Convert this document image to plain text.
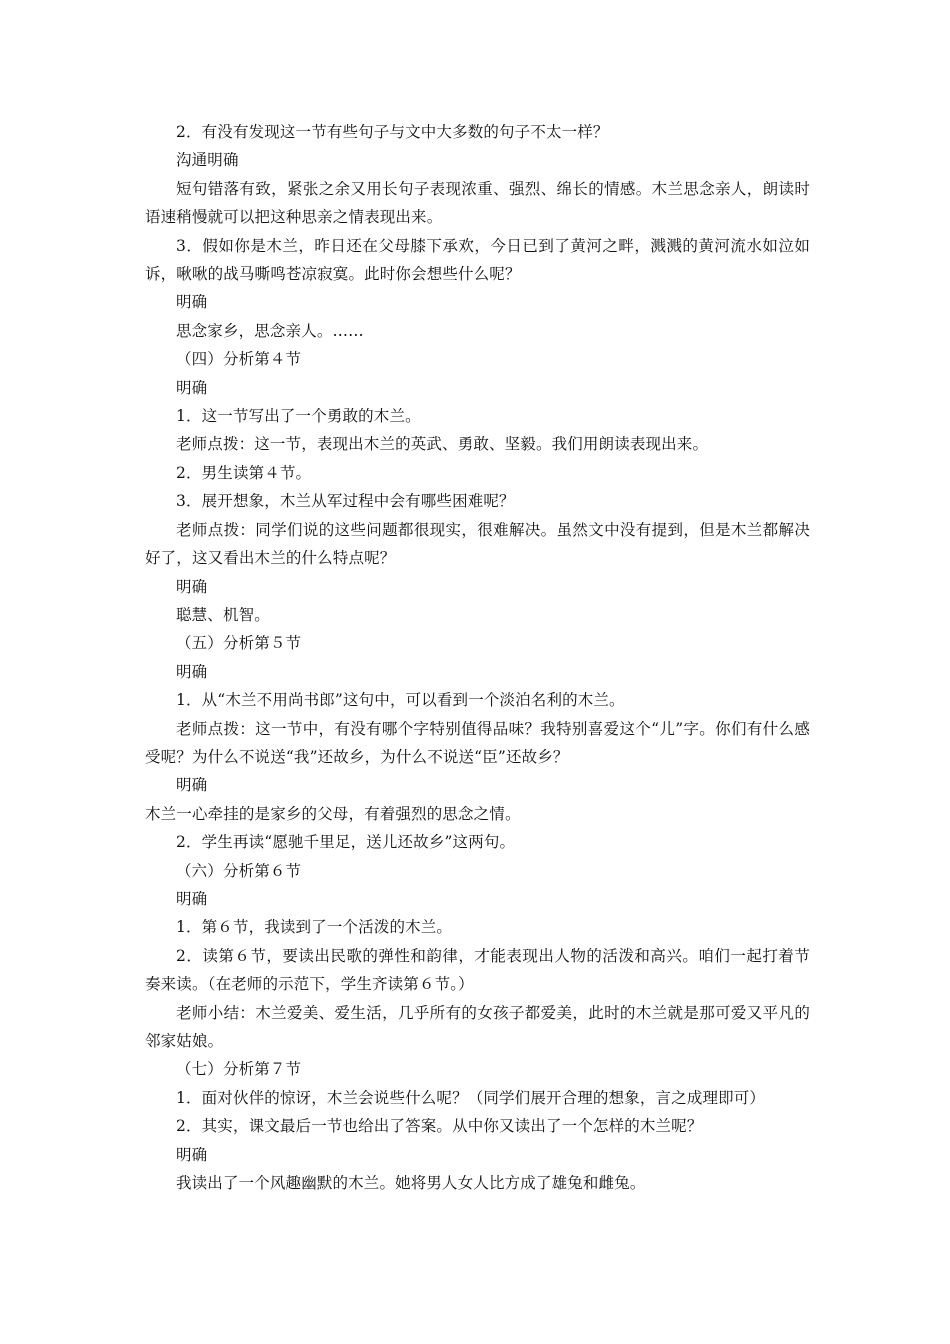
2．有没有发现这一节有些句子与文中大多数的句子不太一样？

沟通明确

短句错落有致，紧张之余又用长句子表现浓重、强烈、绵长的情感。木兰思念亲人，朗读时语速稍慢就可以把这种思亲之情表现出来。

3．假如你是木兰，昨日还在父母膝下承欢，今日已到了黄河之畔，溅溅的黄河流水如泣如诉，啾啾的战马嘶鸣苍凉寂寞。此时你会想些什么呢？

明确

思念家乡，思念亲人。……

（四）分析第４节

明确

1．这一节写出了一个勇敢的木兰。

老师点拨：这一节，表现出木兰的英武、勇敢、坚毅。我们用朗读表现出来。

2．男生读第４节。

3．展开想象，木兰从军过程中会有哪些困难呢？

老师点拨：同学们说的这些问题都很现实，很难解决。虽然文中没有提到，但是木兰都解决好了，这又看出木兰的什么特点呢？

明确

聪慧、机智。

（五）分析第５节

明确

1．从“木兰不用尚书郎”这句中，可以看到一个淡泊名利的木兰。

老师点拨：这一节中，有没有哪个字特别值得品味？我特别喜爱这个“儿”字。你们有什么感受呢？为什么不说送“我”还故乡，为什么不说送“臣”还故乡？

明确

木兰一心牵挂的是家乡的父母，有着强烈的思念之情。

2．学生再读“愿驰千里足，送儿还故乡”这两句。

（六）分析第６节

明确

1．第６节，我读到了一个活泼的木兰。

2．读第６节，要读出民歌的弹性和韵律，才能表现出人物的活泼和高兴。咱们一起打着节奏来读。（在老师的示范下，学生齐读第６节。）

老师小结：木兰爱美、爱生活，几乎所有的女孩子都爱美，此时的木兰就是那可爱又平凡的邻家姑娘。

（七）分析第７节

1．面对伙伴的惊讶，木兰会说些什么呢？（同学们展开合理的想象，言之成理即可）

2．其实，课文最后一节也给出了答案。从中你又读出了一个怎样的木兰呢？

明确

我读出了一个风趣幽默的木兰。她将男人女人比方成了雄兔和雌兔。
